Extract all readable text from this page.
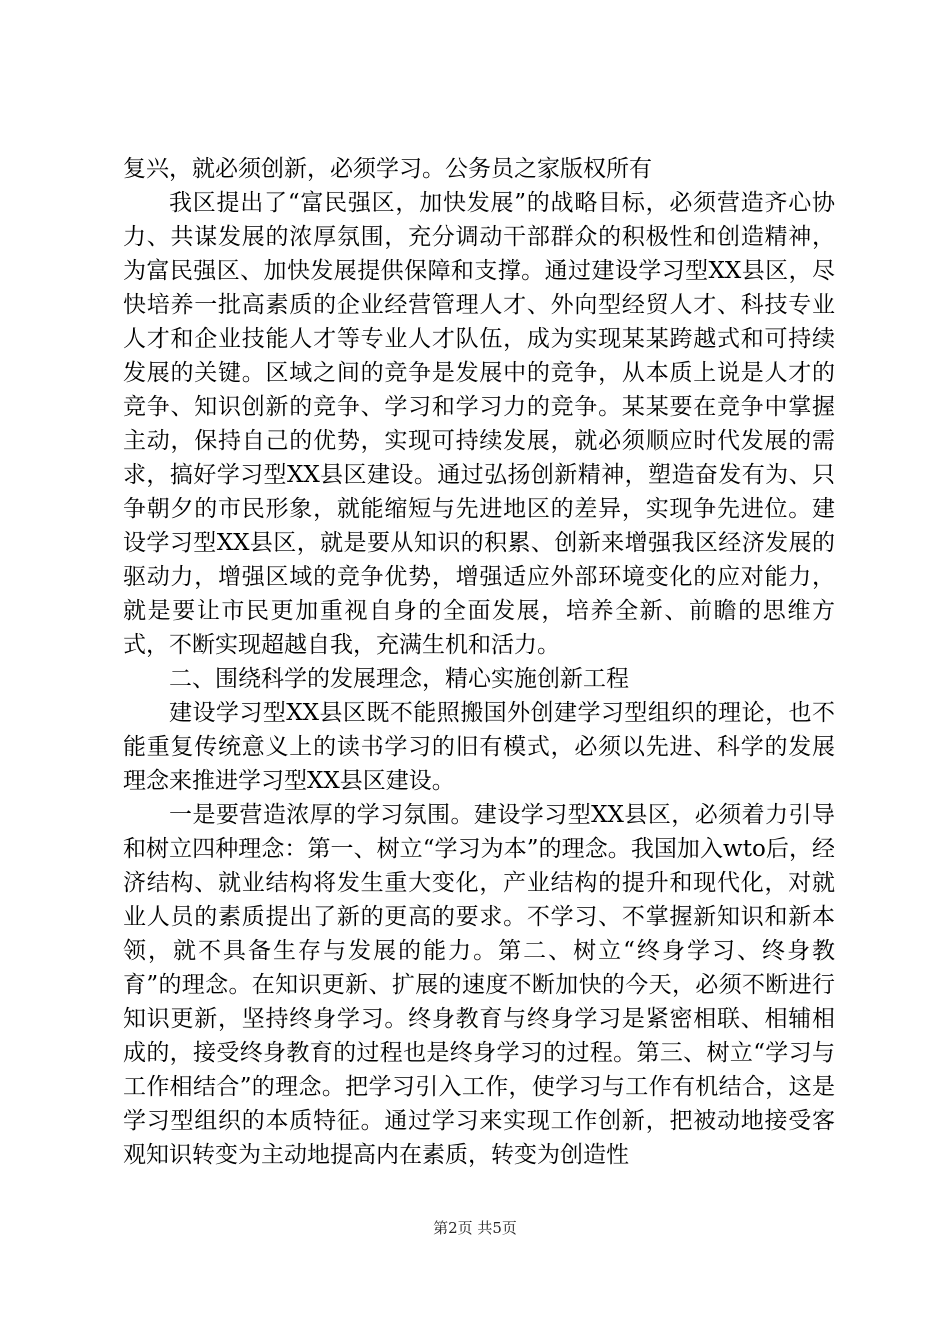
复兴，就必须创新，必须学习。公务员之家版权所有

我区提出了“富民强区，加快发展”的战略目标，必须营造齐心协力、共谋发展的浓厚氛围，充分调动干部群众的积极性和创造精神，为富民强区、加快发展提供保障和支撑。通过建设学习型XX县区，尽快培养一批高素质的企业经营管理人才、外向型经贸人才、科技专业人才和企业技能人才等专业人才队伍，成为实现某某跨越式和可持续发展的关键。区域之间的竞争是发展中的竞争，从本质上说是人才的竞争、知识创新的竞争、学习和学习力的竞争。某某要在竞争中掌握主动，保持自己的优势，实现可持续发展，就必须顺应时代发展的需求，搞好学习型XX县区建设。通过弘扬创新精神，塑造奋发有为、只争朝夕的市民形象，就能缩短与先进地区的差异，实现争先进位。建设学习型XX县区，就是要从知识的积累、创新来增强我区经济发展的驱动力，增强区域的竞争优势，增强适应外部环境变化的应对能力，就是要让市民更加重视自身的全面发展，培养全新、前瞻的思维方式，不断实现超越自我，充满生机和活力。

二、围绕科学的发展理念，精心实施创新工程

建设学习型XX县区既不能照搬国外创建学习型组织的理论，也不能重复传统意义上的读书学习的旧有模式，必须以先进、科学的发展理念来推进学习型XX县区建设。

一是要营造浓厚的学习氛围。建设学习型XX县区，必须着力引导和树立四种理念：第一、树立“学习为本”的理念。我国加入wto后，经济结构、就业结构将发生重大变化，产业结构的提升和现代化，对就业人员的素质提出了新的更高的要求。不学习、不掌握新知识和新本领，就不具备生存与发展的能力。第二、树立“终身学习、终身教育”的理念。在知识更新、扩展的速度不断加快的今天，必须不断进行知识更新，坚持终身学习。终身教育与终身学习是紧密相联、相辅相成的，接受终身教育的过程也是终身学习的过程。第三、树立“学习与工作相结合”的理念。把学习引入工作，使学习与工作有机结合，这是学习型组织的本质特征。通过学习来实现工作创新，把被动地接受客观知识转变为主动地提高内在素质，转变为创造性

第2页 共5页
